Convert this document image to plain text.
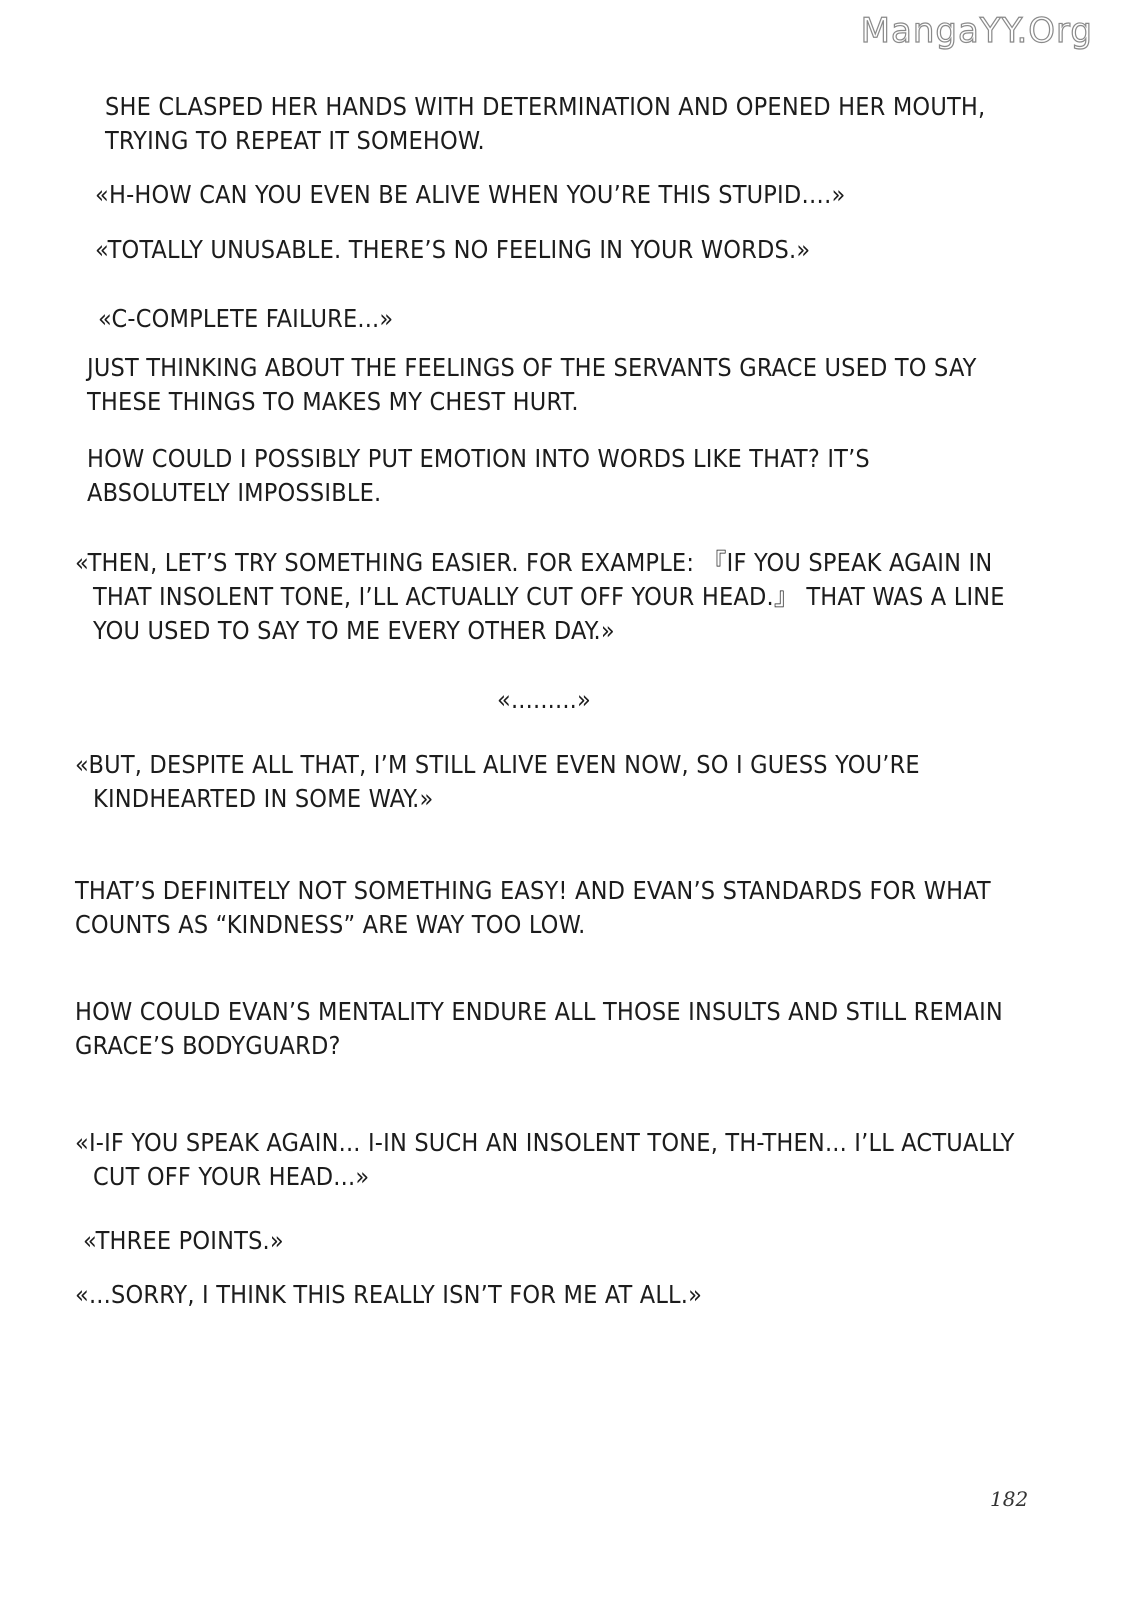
MangaYY.Org
SHE CLASPED HER HANDS WITH DETERMINATION AND OPENED HER MOUTH,
TRYING TO REPEAT IT SOMEHOW.
«H-HOW CAN YOU EVEN BE ALIVE WHEN YOU’RE THIS STUPID….»
«TOTALLY UNUSABLE. THERE’S NO FEELING IN YOUR WORDS.»
«C-COMPLETE FAILURE...»
JUST THINKING ABOUT THE FEELINGS OF THE SERVANTS GRACE USED TO SAY
THESE THINGS TO MAKES MY CHEST HURT.
HOW COULD I POSSIBLY PUT EMOTION INTO WORDS LIKE THAT? IT’S
ABSOLUTELY IMPOSSIBLE.
«THEN, LET’S TRY SOMETHING EASIER. FOR EXAMPLE: 『IF YOU SPEAK AGAIN IN
THAT INSOLENT TONE, I’LL ACTUALLY CUT OFF YOUR HEAD.』 THAT WAS A LINE
YOU USED TO SAY TO ME EVERY OTHER DAY.»
«.........»
«BUT, DESPITE ALL THAT, I’M STILL ALIVE EVEN NOW, SO I GUESS YOU’RE
KINDHEARTED IN SOME WAY.»
THAT’S DEFINITELY NOT SOMETHING EASY! AND EVAN’S STANDARDS FOR WHAT
COUNTS AS “KINDNESS” ARE WAY TOO LOW.
HOW COULD EVAN’S MENTALITY ENDURE ALL THOSE INSULTS AND STILL REMAIN
GRACE’S BODYGUARD?
«I-IF YOU SPEAK AGAIN... I-IN SUCH AN INSOLENT TONE, TH-THEN... I’LL ACTUALLY
CUT OFF YOUR HEAD...»
«THREE POINTS.»
«...SORRY, I THINK THIS REALLY ISN’T FOR ME AT ALL.»
182
